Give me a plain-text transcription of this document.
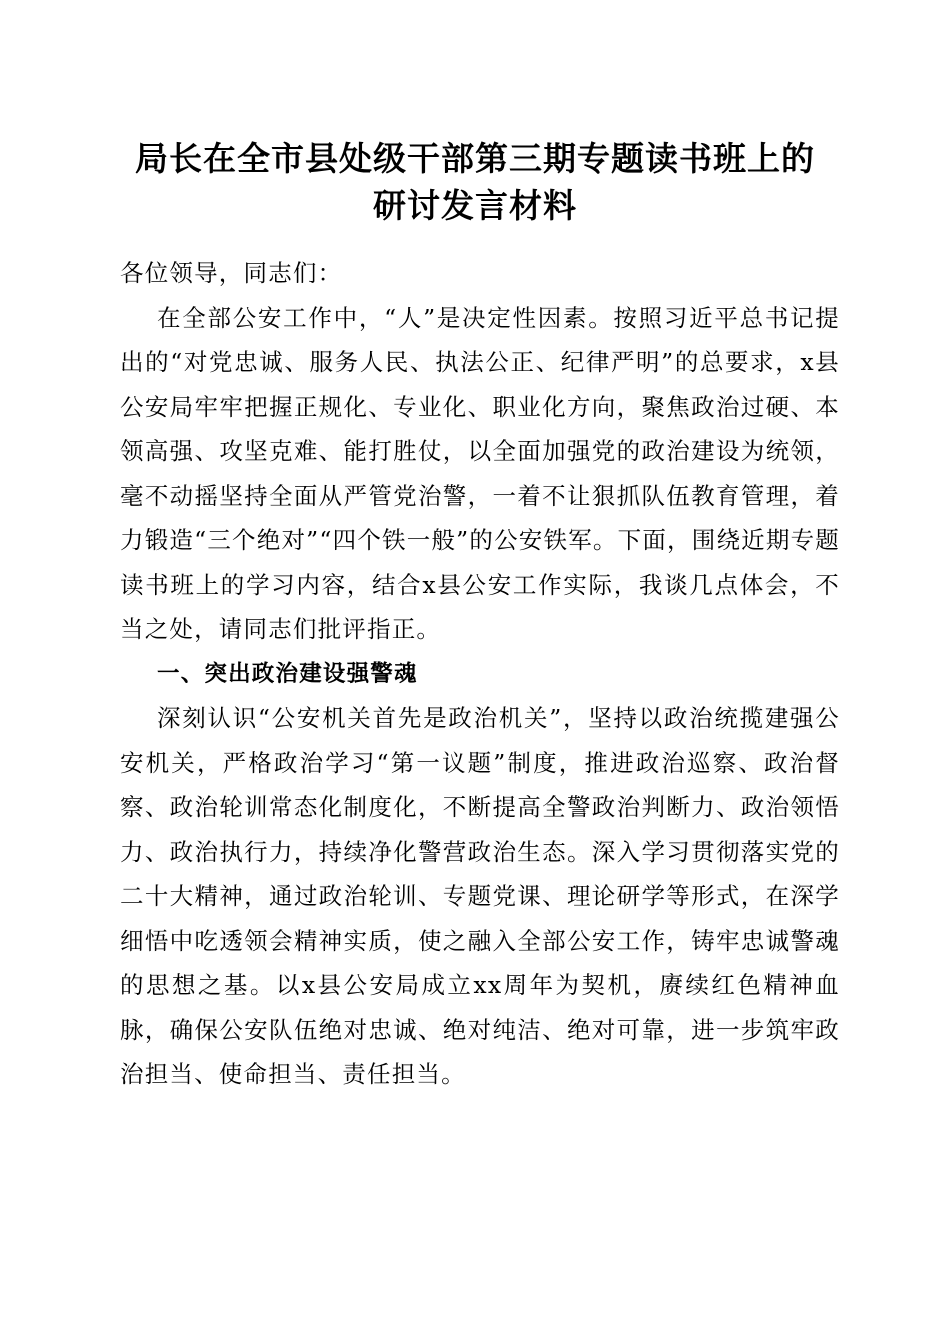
局长在全市县处级干部第三期专题读书班上的
研讨发言材料

各位领导，同志们：

在全部公安工作中，“人”是决定性因素。按照习近平总书记提出的“对党忠诚、服务人民、执法公正、纪律严明”的总要求，x县公安局牢牢把握正规化、专业化、职业化方向，聚焦政治过硬、本领高强、攻坚克难、能打胜仗，以全面加强党的政治建设为统领，毫不动摇坚持全面从严管党治警，一着不让狠抓队伍教育管理，着力锻造“三个绝对”“四个铁一般”的公安铁军。下面，围绕近期专题读书班上的学习内容，结合x县公安工作实际，我谈几点体会，不当之处，请同志们批评指正。

一、突出政治建设强警魂

深刻认识“公安机关首先是政治机关”，坚持以政治统揽建强公安机关，严格政治学习“第一议题”制度，推进政治巡察、政治督察、政治轮训常态化制度化，不断提高全警政治判断力、政治领悟力、政治执行力，持续净化警营政治生态。深入学习贯彻落实党的二十大精神，通过政治轮训、专题党课、理论研学等形式，在深学细悟中吃透领会精神实质，使之融入全部公安工作，铸牢忠诚警魂的思想之基。以x县公安局成立xx周年为契机，赓续红色精神血脉，确保公安队伍绝对忠诚、绝对纯洁、绝对可靠，进一步筑牢政治担当、使命担当、责任担当。
